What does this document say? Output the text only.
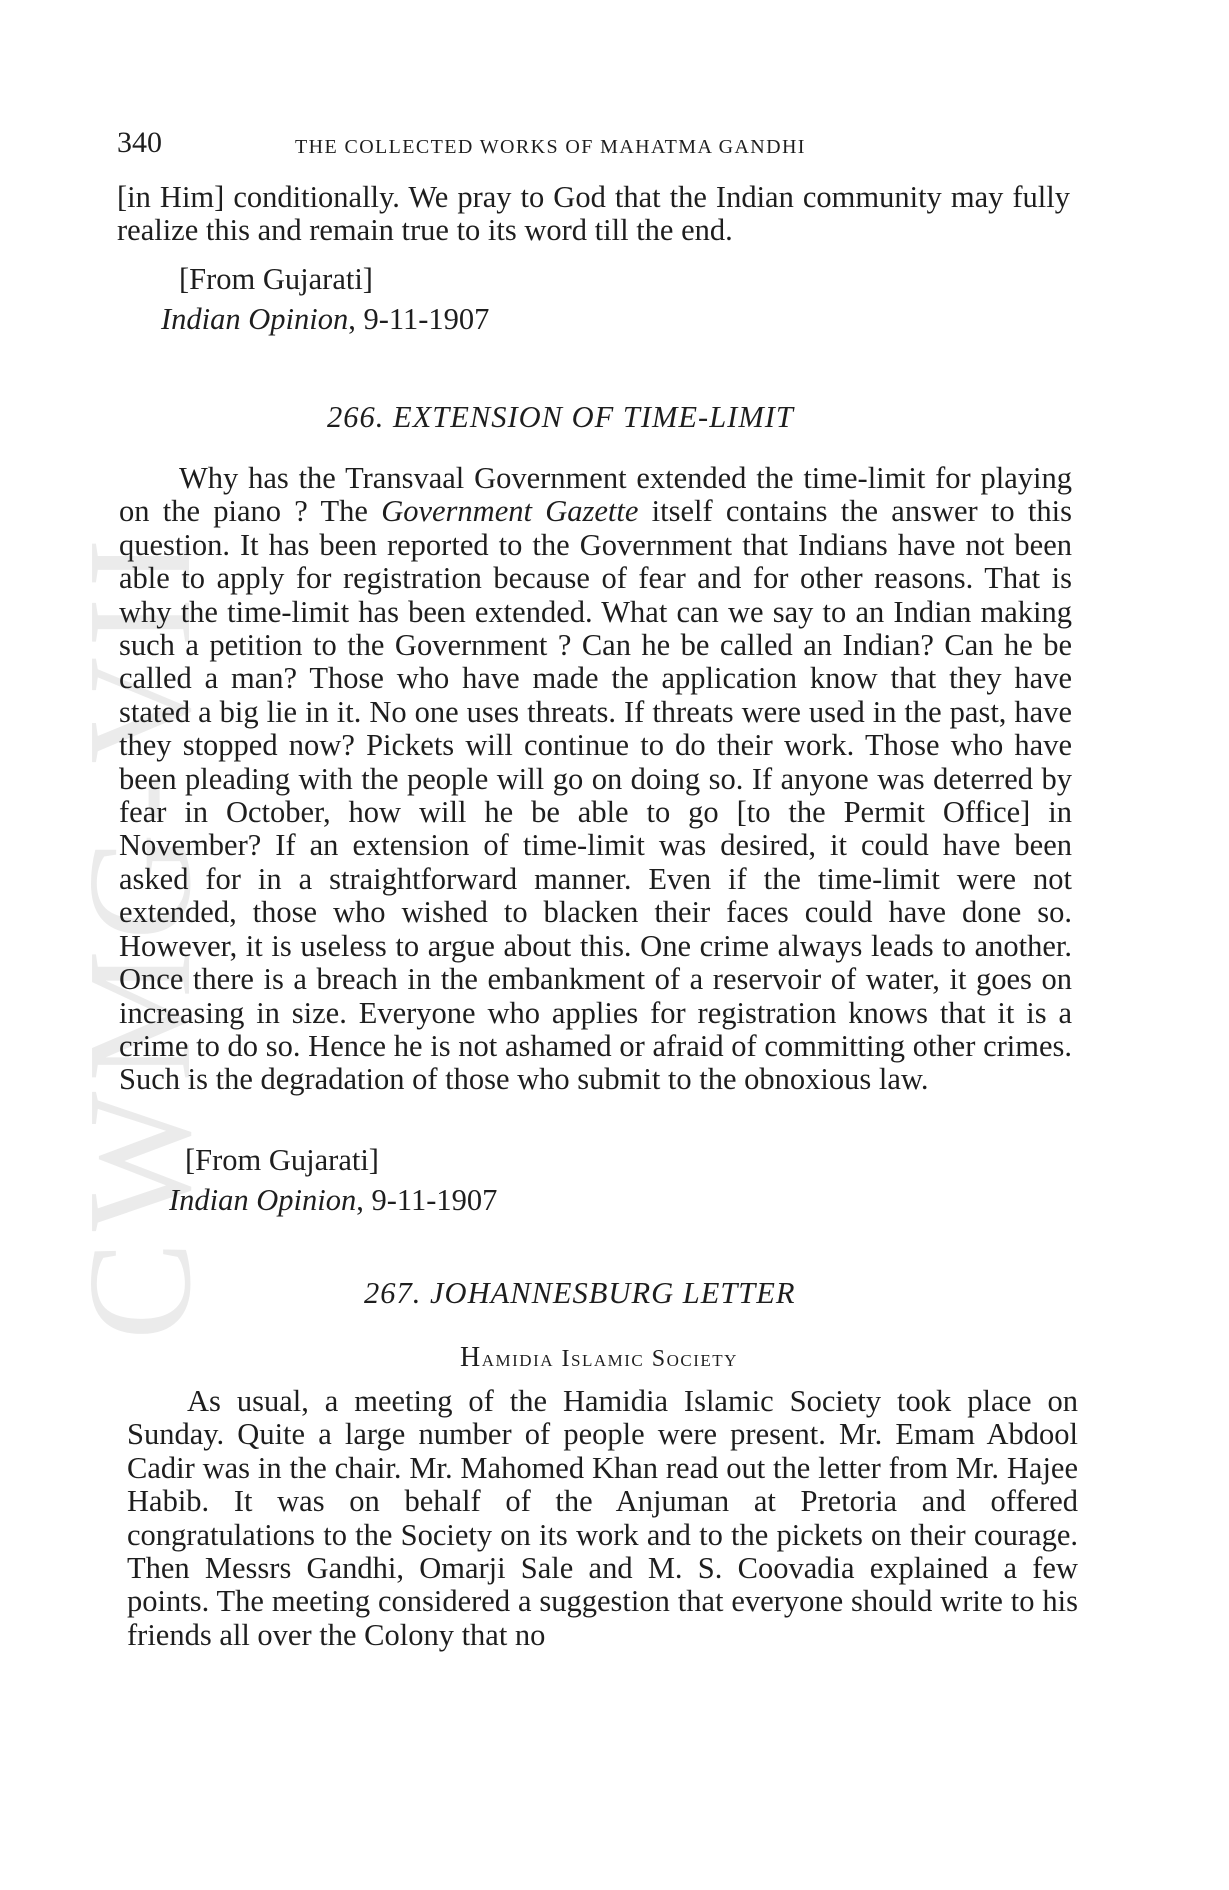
CWMG-VII
340	THE COLLECTED WORKS OF MAHATMA GANDHI

[in Him] conditionally. We pray to God that the Indian community may fully realize this and remain true to its word till the end.

[From Gujarati]
Indian Opinion, 9-11-1907
266. EXTENSION OF TIME-LIMIT

Why has the Transvaal Government extended the time-limit for playing on the piano ? The Government Gazette itself contains the answer to this question. It has been reported to the Government that Indians have not been able to apply for registration because of fear and for other reasons. That is why the time-limit has been extended. What can we say to an Indian making such a petition to the Government ? Can he be called an Indian? Can he be called a man? Those who have made the application know that they have stated a big lie in it. No one uses threats. If threats were used in the past, have they stopped now? Pickets will continue to do their work. Those who have been pleading with the people will go on doing so. If anyone was deterred by fear in October, how will he be able to go [to the Permit Office] in November? If an extension of time-limit was desired, it could have been asked for in a straightforward manner. Even if the time-limit were not extended, those who wished to blacken their faces could have done so. However, it is useless to argue about this. One crime always leads to another. Once there is a breach in the embankment of a reservoir of water, it goes on increasing in size. Everyone who applies for registration knows that it is a crime to do so. Hence he is not ashamed or afraid of committing other crimes. Such is the degradation of those who submit to the obnoxious law.

[From Gujarati]
Indian Opinion, 9-11-1907
267. JOHANNESBURG LETTER
Hamidia Islamic Society

As usual, a meeting of the Hamidia Islamic Society took place on Sunday. Quite a large number of people were present. Mr. Emam Abdool Cadir was in the chair. Mr. Mahomed Khan read out the letter from Mr. Hajee Habib. It was on behalf of the Anjuman at Pretoria and offered congratulations to the Society on its work and to the pickets on their courage. Then Messrs Gandhi, Omarji Sale and M. S. Coovadia explained a few points. The meeting considered a suggestion that everyone should write to his friends all over the Colony that no
